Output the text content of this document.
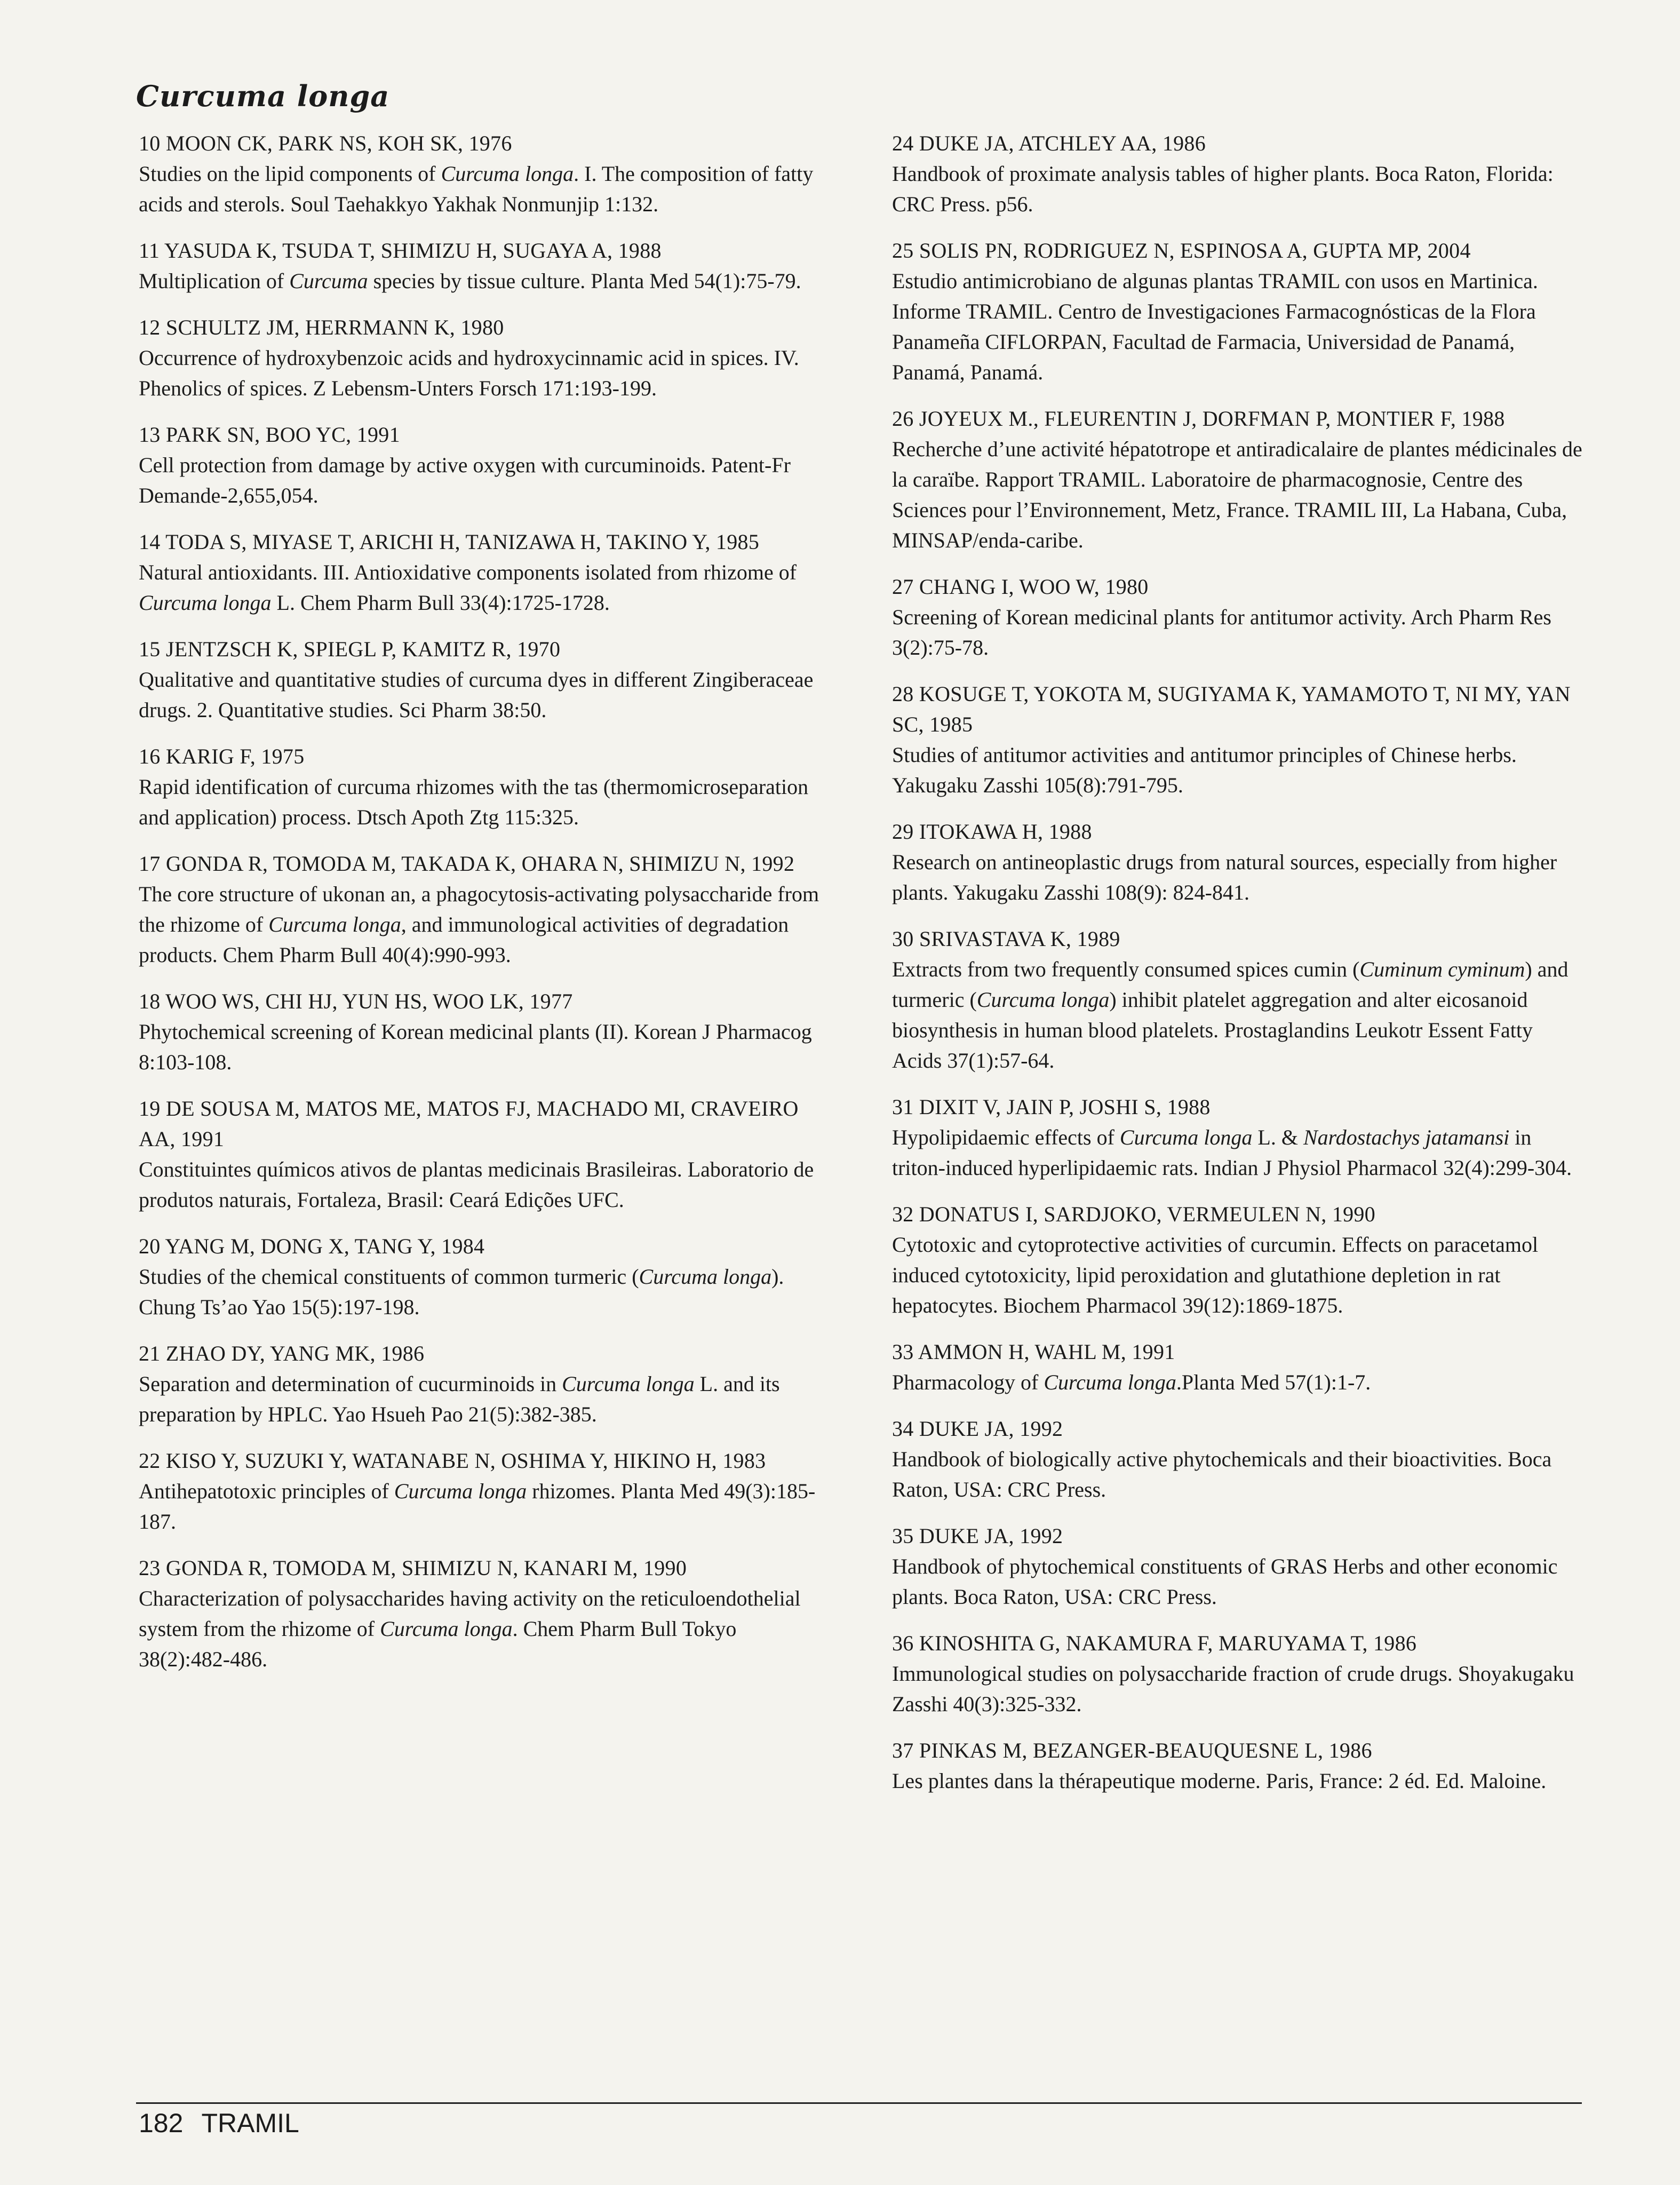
Curcuma longa
10 MOON CK, PARK NS, KOH SK, 1976
Studies on the lipid components of Curcuma longa. I. The composition of fatty acids and sterols. Soul Taehakkyo Yakhak Nonmunjip 1:132.
11 YASUDA K, TSUDA T, SHIMIZU H, SUGAYA A, 1988
Multiplication of Curcuma species by tissue culture. Planta Med 54(1):75-79.
12 SCHULTZ JM, HERRMANN K, 1980
Occurrence of hydroxybenzoic acids and hydroxycinnamic acid in spices. IV. Phenolics of spices. Z Lebensm-Unters Forsch 171:193-199.
13 PARK SN, BOO YC, 1991
Cell protection from damage by active oxygen with curcuminoids. Patent-Fr Demande-2,655,054.
14 TODA S, MIYASE T, ARICHI H, TANIZAWA H, TAKINO Y, 1985
Natural antioxidants. III. Antioxidative components isolated from rhizome of Curcuma longa L. Chem Pharm Bull 33(4):1725-1728.
15 JENTZSCH K, SPIEGL P, KAMITZ R, 1970
Qualitative and quantitative studies of curcuma dyes in different Zingiberaceae drugs. 2. Quantitative studies. Sci Pharm 38:50.
16 KARIG F, 1975
Rapid identification of curcuma rhizomes with the tas (thermomicroseparation and application) process. Dtsch Apoth Ztg 115:325.
17 GONDA R, TOMODA M, TAKADA K, OHARA N, SHIMIZU N, 1992
The core structure of ukonan an, a phagocytosis-activating polysaccharide from the rhizome of Curcuma longa, and immunological activities of degradation products. Chem Pharm Bull 40(4):990-993.
18 WOO WS, CHI HJ, YUN HS, WOO LK, 1977
Phytochemical screening of Korean medicinal plants (II). Korean J Pharmacog 8:103-108.
19 DE SOUSA M, MATOS ME, MATOS FJ, MACHADO MI, CRAVEIRO AA, 1991
Constituintes químicos ativos de plantas medicinais Brasileiras. Laboratorio de produtos naturais, Fortaleza, Brasil: Ceará Edições UFC.
20 YANG M, DONG X, TANG Y, 1984
Studies of the chemical constituents of common turmeric (Curcuma longa). Chung Ts’ao Yao 15(5):197-198.
21 ZHAO DY, YANG MK, 1986
Separation and determination of cucurminoids in Curcuma longa L. and its preparation by HPLC. Yao Hsueh Pao 21(5):382-385.
22 KISO Y, SUZUKI Y, WATANABE N, OSHIMA Y, HIKINO H, 1983
Antihepatotoxic principles of Curcuma longa rhizomes. Planta Med 49(3):185-187.
23 GONDA R, TOMODA M, SHIMIZU N, KANARI M, 1990
Characterization of polysaccharides having activity on the reticuloendothelial system from the rhizome of Curcuma longa. Chem Pharm Bull Tokyo 38(2):482-486.
24 DUKE JA, ATCHLEY AA, 1986
Handbook of proximate analysis tables of higher plants. Boca Raton, Florida: CRC Press. p56.
25 SOLIS PN, RODRIGUEZ N, ESPINOSA A, GUPTA MP, 2004
Estudio antimicrobiano de algunas plantas TRAMIL con usos en Martinica. Informe TRAMIL. Centro de Investigaciones Farmacognósticas de la Flora Panameña CIFLORPAN, Facultad de Farmacia, Universidad de Panamá, Panamá, Panamá.
26 JOYEUX M., FLEURENTIN J, DORFMAN P, MONTIER F, 1988
Recherche d’une activité hépatotrope et antiradicalaire de plantes médicinales de la caraïbe. Rapport TRAMIL. Laboratoire de pharmacognosie, Centre des Sciences pour l’Environnement, Metz, France. TRAMIL III, La Habana, Cuba, MINSAP/enda-caribe.
27 CHANG I, WOO W, 1980
Screening of Korean medicinal plants for antitumor activity. Arch Pharm Res 3(2):75-78.
28 KOSUGE T, YOKOTA M, SUGIYAMA K, YAMAMOTO T, NI MY, YAN SC, 1985
Studies of antitumor activities and antitumor principles of Chinese herbs. Yakugaku Zasshi 105(8):791-795.
29 ITOKAWA H, 1988
Research on antineoplastic drugs from natural sources, especially from higher plants. Yakugaku Zasshi 108(9): 824-841.
30 SRIVASTAVA K, 1989
Extracts from two frequently consumed spices cumin (Cuminum cyminum) and turmeric (Curcuma longa) inhibit platelet aggregation and alter eicosanoid biosynthesis in human blood platelets. Prostaglandins Leukotr Essent Fatty Acids 37(1):57-64.
31 DIXIT V, JAIN P, JOSHI S, 1988
Hypolipidaemic effects of Curcuma longa L. & Nardostachys jatamansi in triton-induced hyperlipidaemic rats. Indian J Physiol Pharmacol 32(4):299-304.
32 DONATUS I, SARDJOKO, VERMEULEN N, 1990
Cytotoxic and cytoprotective activities of curcumin. Effects on paracetamol induced cytotoxicity, lipid peroxidation and glutathione depletion in rat hepatocytes. Biochem Pharmacol 39(12):1869-1875.
33 AMMON H, WAHL M, 1991
Pharmacology of Curcuma longa.Planta Med 57(1):1-7.
34 DUKE JA, 1992
Handbook of biologically active phytochemicals and their bioactivities. Boca Raton, USA: CRC Press.
35 DUKE JA, 1992
Handbook of phytochemical constituents of GRAS Herbs and other economic plants. Boca Raton, USA: CRC Press.
36 KINOSHITA G, NAKAMURA F, MARUYAMA T, 1986
Immunological studies on polysaccharide fraction of crude drugs. Shoyakugaku Zasshi 40(3):325-332.
37 PINKAS M, BEZANGER-BEAUQUESNE L, 1986
Les plantes dans la thérapeutique moderne. Paris, France: 2 éd. Ed. Maloine.
182 TRAMIL
